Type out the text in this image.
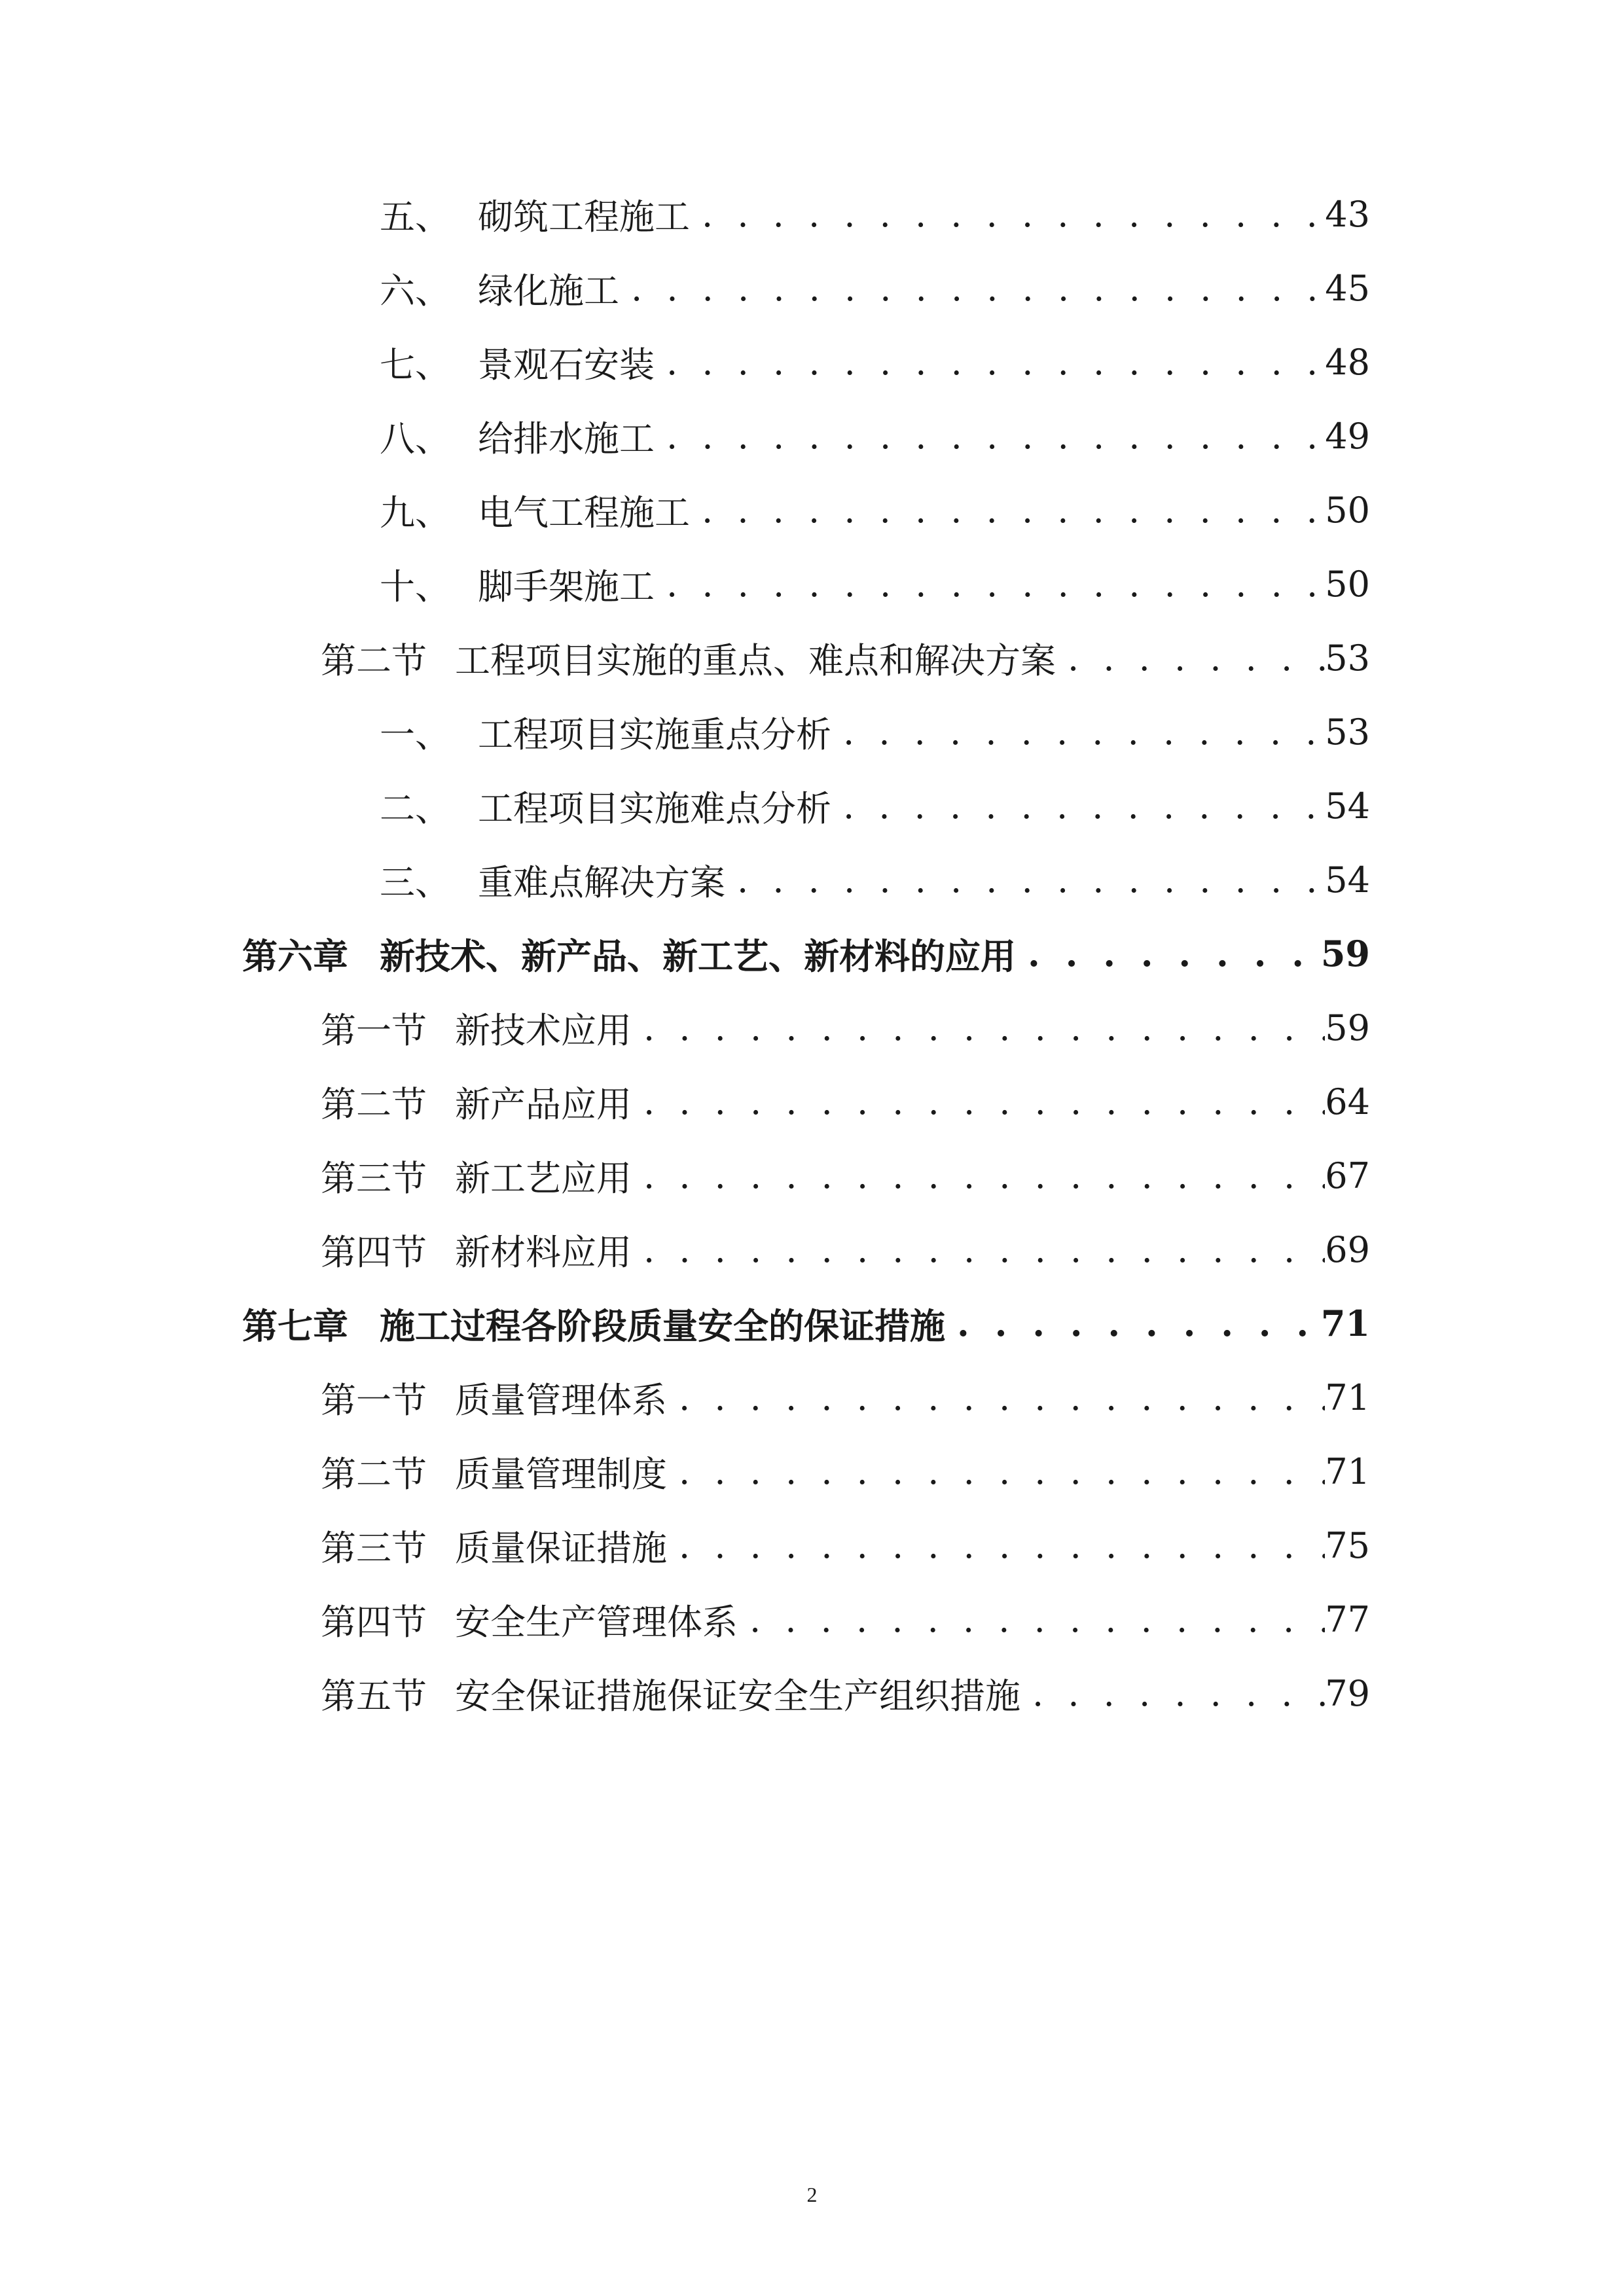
五、 砌筑工程施工 . . .	43
六、 绿化施工 . . .	45
七、 景观石安装 . . .	48
八、 给排水施工 . . .	49
九、 电气工程施工 . . .	50
十、 脚手架施工 . . .	50
第二节 工程项目实施的重点、难点和解决方案 . . .	53
一、 工程项目实施重点分析 . . .	53
二、 工程项目实施难点分析 . . .	54
三、 重难点解决方案 . . .	54
第六章 新技术、新产品、新工艺、新材料的应用 . . .	59
第一节 新技术应用 . . .	59
第二节 新产品应用 . . .	64
第三节 新工艺应用 . . .	67
第四节 新材料应用 . . .	69
第七章 施工过程各阶段质量安全的保证措施 . . .	71
第一节 质量管理体系 . . .	71
第二节 质量管理制度 . . .	71
第三节 质量保证措施 . . .	75
第四节 安全生产管理体系 . . .	77
第五节 安全保证措施保证安全生产组织措施 . . .	79
2
